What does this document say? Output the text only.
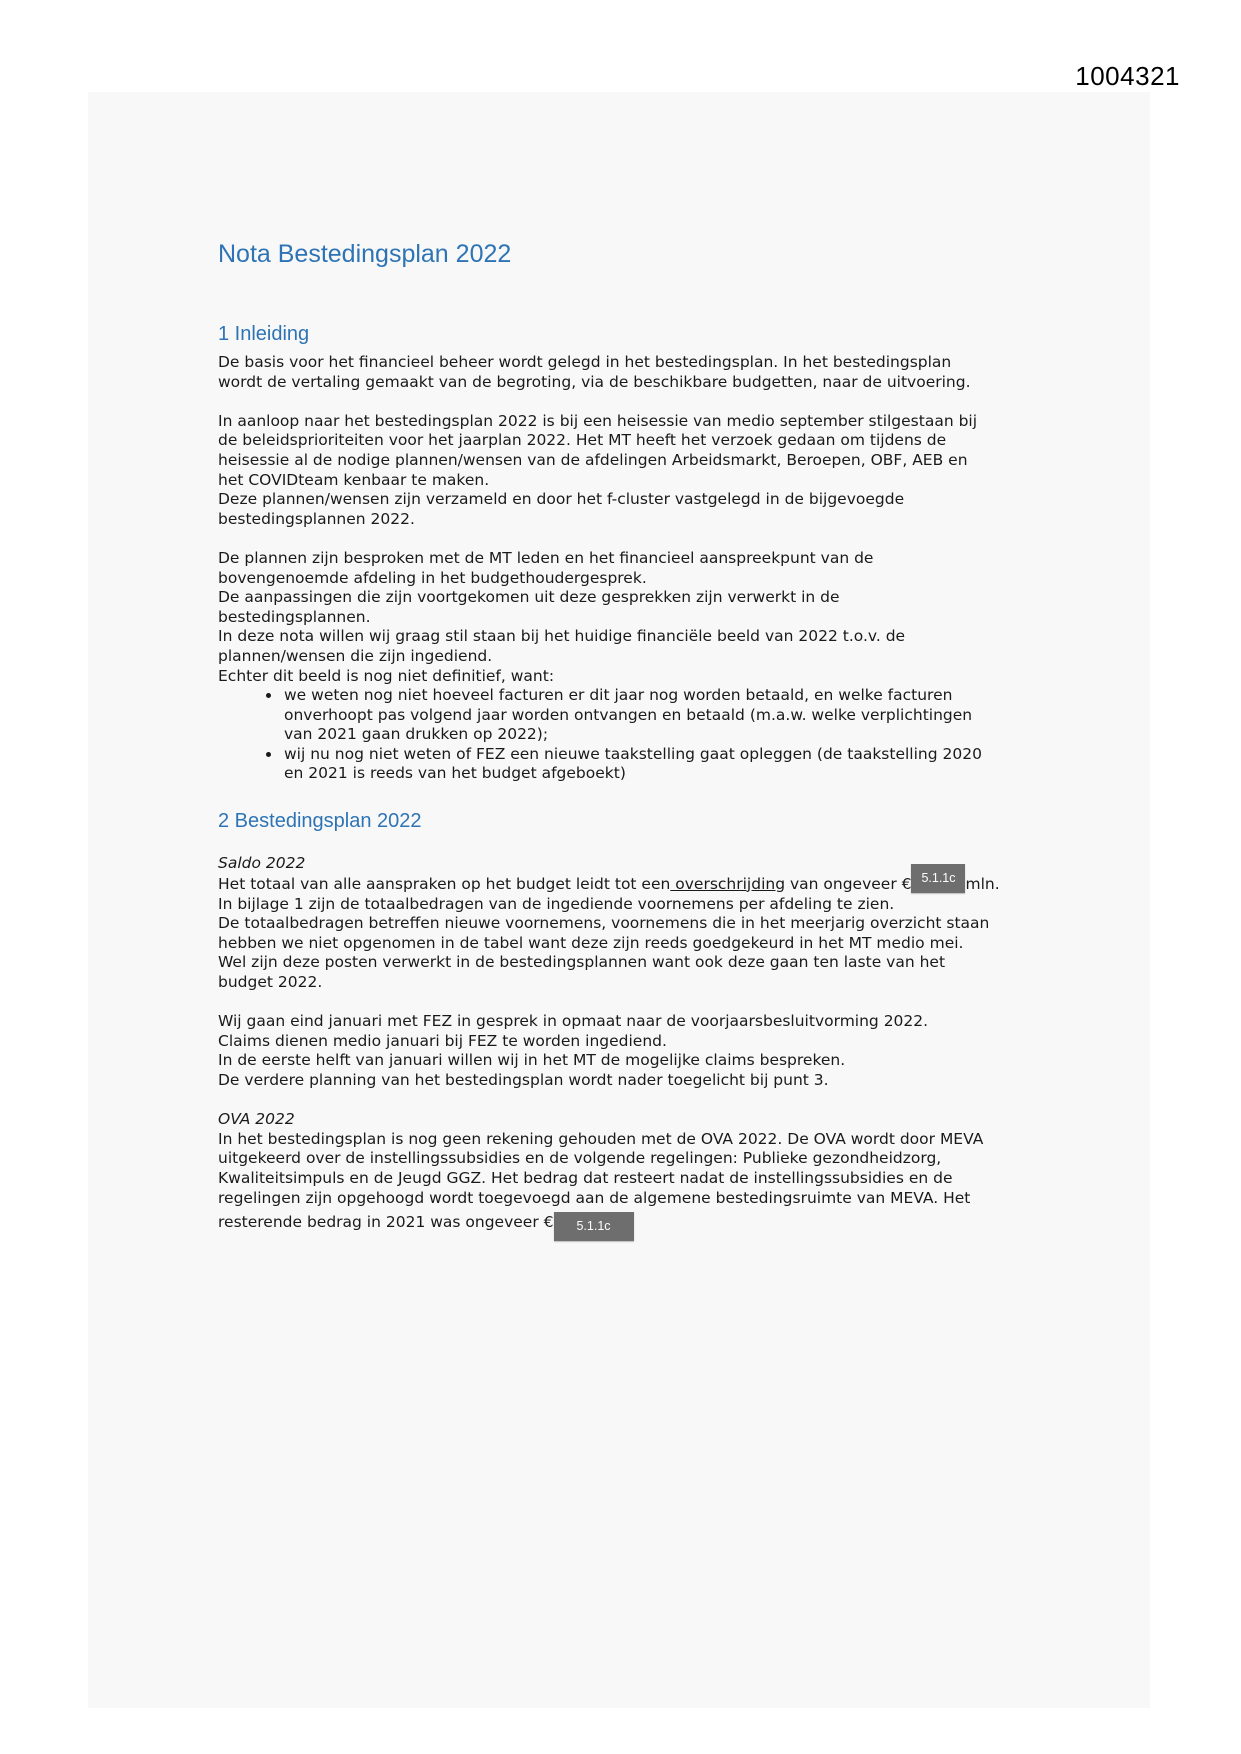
1004321
Nota Bestedingsplan 2022
1 Inleiding

De basis voor het financieel beheer wordt gelegd in het bestedingsplan. In het bestedingsplan
wordt de vertaling gemaakt van de begroting, via de beschikbare budgetten, naar de uitvoering.

In aanloop naar het bestedingsplan 2022 is bij een heisessie van medio september stilgestaan bij
de beleidsprioriteiten voor het jaarplan 2022. Het MT heeft het verzoek gedaan om tijdens de
heisessie al de nodige plannen/wensen van de afdelingen Arbeidsmarkt, Beroepen, OBF, AEB en
het COVIDteam kenbaar te maken.
Deze plannen/wensen zijn verzameld en door het f-cluster vastgelegd in de bijgevoegde
bestedingsplannen 2022.

De plannen zijn besproken met de MT leden en het financieel aanspreekpunt van de
bovengenoemde afdeling in het budgethoudergesprek.
De aanpassingen die zijn voortgekomen uit deze gesprekken zijn verwerkt in de
bestedingsplannen.
In deze nota willen wij graag stil staan bij het huidige financiële beeld van 2022 t.o.v. de
plannen/wensen die zijn ingediend.
Echter dit beeld is nog niet definitief, want:

• we weten nog niet hoeveel facturen er dit jaar nog worden betaald, en welke facturen
onverhoopt pas volgend jaar worden ontvangen en betaald (m.a.w. welke verplichtingen
van 2021 gaan drukken op 2022);
• wij nu nog niet weten of FEZ een nieuwe taakstelling gaat opleggen (de taakstelling 2020
en 2021 is reeds van het budget afgeboekt)
2 Bestedingsplan 2022

Saldo 2022

Het totaal van alle aanspraken op het budget leidt tot een overschrijding van ongeveer € 5.1.1c mln.

In bijlage 1 zijn de totaalbedragen van de ingediende voornemens per afdeling te zien.
De totaalbedragen betreffen nieuwe voornemens, voornemens die in het meerjarig overzicht staan
hebben we niet opgenomen in de tabel want deze zijn reeds goedgekeurd in het MT medio mei.
Wel zijn deze posten verwerkt in de bestedingsplannen want ook deze gaan ten laste van het
budget 2022.

Wij gaan eind januari met FEZ in gesprek in opmaat naar de voorjaarsbesluitvorming 2022.
Claims dienen medio januari bij FEZ te worden ingediend.
In de eerste helft van januari willen wij in het MT de mogelijke claims bespreken.
De verdere planning van het bestedingsplan wordt nader toegelicht bij punt 3.

OVA 2022

In het bestedingsplan is nog geen rekening gehouden met de OVA 2022. De OVA wordt door MEVA
uitgekeerd over de instellingssubsidies en de volgende regelingen: Publieke gezondheidzorg,
Kwaliteitsimpuls en de Jeugd GGZ. Het bedrag dat resteert nadat de instellingssubsidies en de
regelingen zijn opgehoogd wordt toegevoegd aan de algemene bestedingsruimte van MEVA. Het
resterende bedrag in 2021 was ongeveer € 5.1.1c
